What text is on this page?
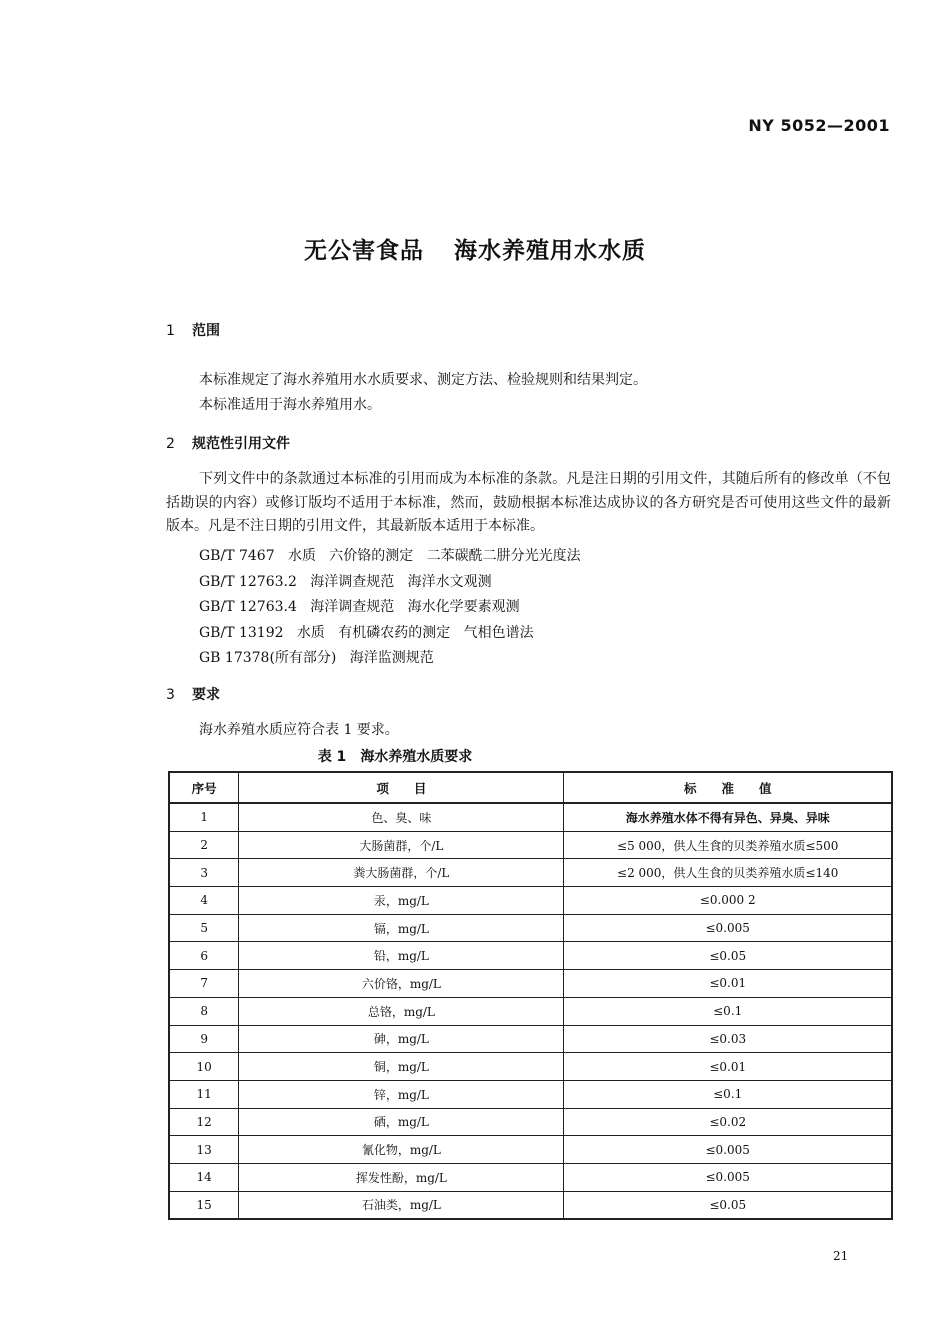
NY 5052—2001
无公害食品 海水养殖用水水质
1 范围
本标准规定了海水养殖用水水质要求、测定方法、检验规则和结果判定。
本标准适用于海水养殖用水。
2 规范性引用文件
下列文件中的条款通过本标准的引用而成为本标准的条款。凡是注日期的引用文件，其随后所有的修改单（不包括勘误的内容）或修订版均不适用于本标准，然而，鼓励根据本标准达成协议的各方研究是否可使用这些文件的最新版本。凡是不注日期的引用文件，其最新版本适用于本标准。
GB/T 7467   水质   六价铬的测定   二苯碳酰二肼分光光度法
GB/T 12763.2   海洋调查规范   海洋水文观测
GB/T 12763.4   海洋调查规范   海水化学要素观测
GB/T 13192   水质   有机磷农药的测定   气相色谱法
GB 17378(所有部分)   海洋监测规范
3 要求
海水养殖水质应符合表 1 要求。
表 1 海水养殖水质要求
序号	项　　目	标　　准　　值
1	色、臭、味	海水养殖水体不得有异色、异臭、异味
2	大肠菌群，个/L	≤5 000，供人生食的贝类养殖水质≤500
3	粪大肠菌群，个/L	≤2 000，供人生食的贝类养殖水质≤140
4	汞，mg/L	≤0.000 2
5	镉，mg/L	≤0.005
6	铅，mg/L	≤0.05
7	六价铬，mg/L	≤0.01
8	总铬，mg/L	≤0.1
9	砷，mg/L	≤0.03
10	铜，mg/L	≤0.01
11	锌，mg/L	≤0.1
12	硒，mg/L	≤0.02
13	氰化物，mg/L	≤0.005
14	挥发性酚，mg/L	≤0.005
15	石油类，mg/L	≤0.05
21
